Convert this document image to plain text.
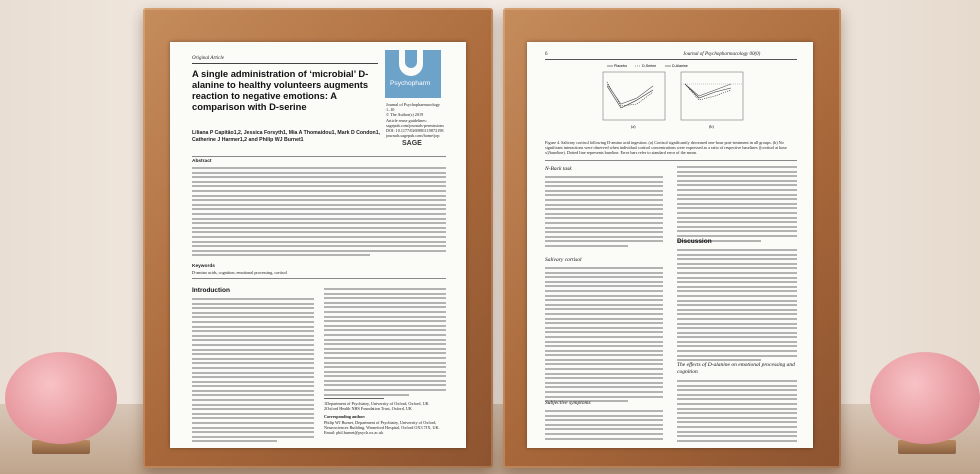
Original Article
Psychopharm
A single administration of ‘microbial’ D-alanine to healthy volunteers augments reaction to negative emotions: A comparison with D-serine	Journal of Psychopharmacology
1–10
© The Author(s) 2019
Article reuse guidelines:
sagepub.com/journals-permissions
DOI: 10.1177/0269881119872198
journals.sagepub.com/home/jop
SAGE
Liliana P Capitão1,2, Jessica Forsyth1, Mia A Thomaidou1, Mark D Condon1, Catherine J Harmer1,2 and Philip WJ Burnet1
Abstract
Keywords
D-amino acids, cognition, emotional processing, cortisol
Introduction
1Department of Psychiatry, University of Oxford, Oxford, UK
2Oxford Health NHS Foundation Trust, Oxford, UK
Corresponding author:
Philip WJ Burnet, Department of Psychiatry, University of Oxford, Neurosciences Building, Warneford Hospital, Oxford OX3 7JX, UK. Email: phil.burnet@psych.ox.ac.uk
6	Journal of Psychopharmacology 00(0)
Placebo	D-Serine	D-Alanine
(a)	(b)
Figure 4. Salivary cortisol following D-amino acid ingestion. (a) Cortisol significantly decreased one-hour post-treatment in all groups. (b) No significant interactions were observed when individual cortisol concentrations were expressed as a ratio of respective baselines ([cortisol at hour x]/baseline). Dotted line represents baseline. Error bars refer to standard error of the mean.
N-Back task
Salivary cortisol
Subjective symptoms
Discussion
The effects of D-alanine on emotional processing and cognition
